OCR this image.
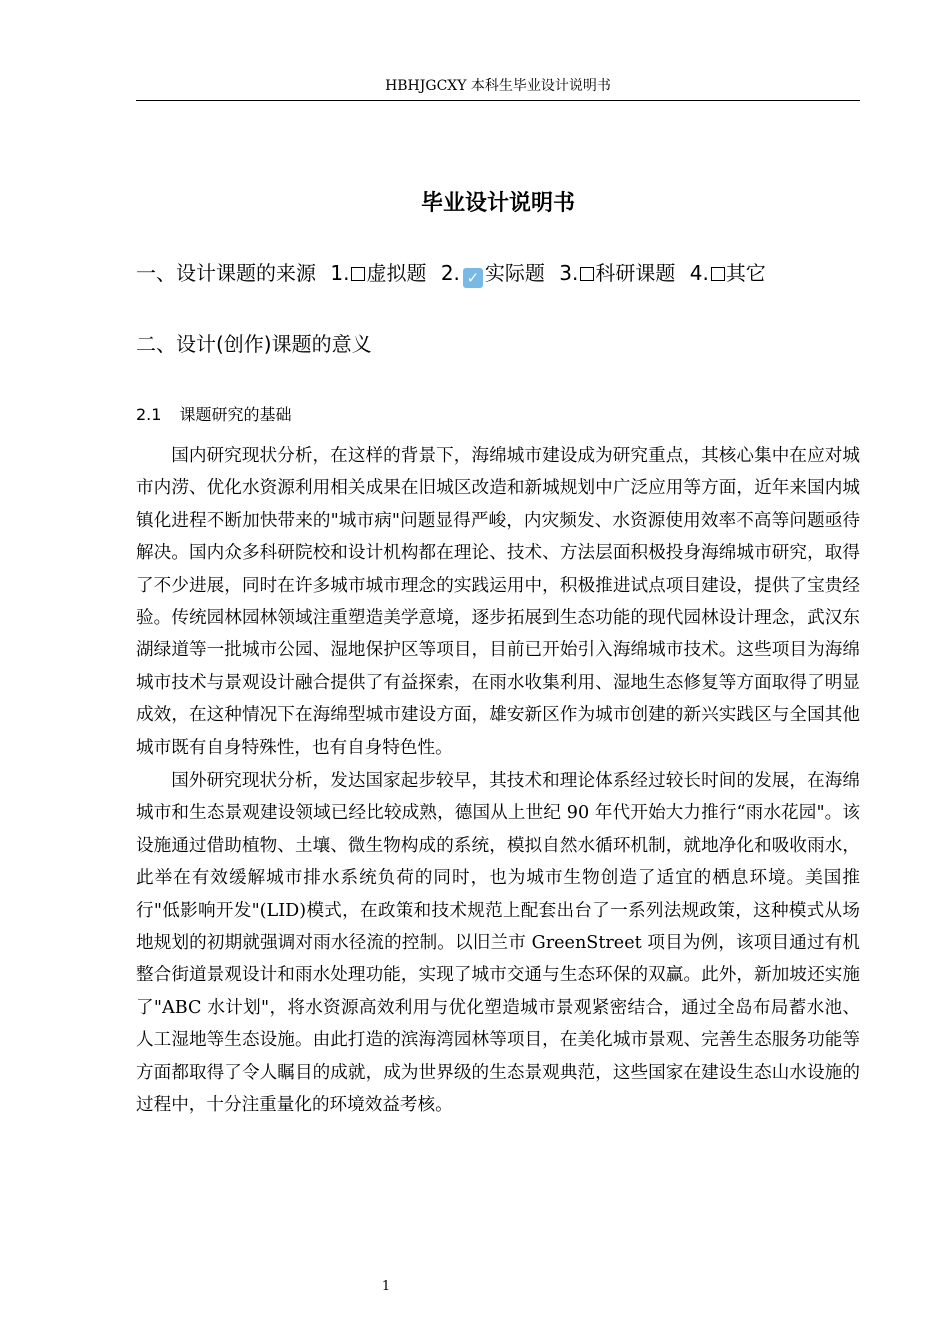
HBHJGCXY 本科生毕业设计说明书
毕业设计说明书
一、设计课题的来源 1. 虚拟题 2. ✓ 实际题 3. 科研课题 4. 其它
二、设计(创作)课题的意义
2.1 课题研究的基础

国内研究现状分析，在这样的背景下，海绵城市建设成为研究重点，其核心集中在应对城市内涝、优化水资源利用相关成果在旧城区改造和新城规划中广泛应用等方面，近年来国内城镇化进程不断加快带来的"城市病"问题显得严峻，内灾频发、水资源使用效率不高等问题亟待解决。国内众多科研院校和设计机构都在理论、技术、方法层面积极投身海绵城市研究，取得了不少进展，同时在许多城市城市理念的实践运用中，积极推进试点项目建设，提供了宝贵经验。传统园林园林领域注重塑造美学意境，逐步拓展到生态功能的现代园林设计理念，武汉东湖绿道等一批城市公园、湿地保护区等项目，目前已开始引入海绵城市技术。这些项目为海绵城市技术与景观设计融合提供了有益探索，在雨水收集利用、湿地生态修复等方面取得了明显成效，在这种情况下在海绵型城市建设方面，雄安新区作为城市创建的新兴实践区与全国其他城市既有自身特殊性，也有自身特色性。

国外研究现状分析，发达国家起步较早，其技术和理论体系经过较长时间的发展，在海绵城市和生态景观建设领域已经比较成熟，德国从上世纪 90 年代开始大力推行“雨水花园"。该设施通过借助植物、土壤、微生物构成的系统，模拟自然水循环机制，就地净化和吸收雨水，此举在有效缓解城市排水系统负荷的同时，也为城市生物创造了适宜的栖息环境。美国推行"低影响开发"(LID)模式，在政策和技术规范上配套出台了一系列法规政策，这种模式从场地规划的初期就强调对雨水径流的控制。以旧兰市 GreenStreet 项目为例，该项目通过有机整合街道景观设计和雨水处理功能，实现了城市交通与生态环保的双赢。此外，新加坡还实施了"ABC 水计划"，将水资源高效利用与优化塑造城市景观紧密结合，通过全岛布局蓄水池、人工湿地等生态设施。由此打造的滨海湾园林等项目，在美化城市景观、完善生态服务功能等方面都取得了令人瞩目的成就，成为世界级的生态景观典范，这些国家在建设生态山水设施的过程中，十分注重量化的环境效益考核。

1
